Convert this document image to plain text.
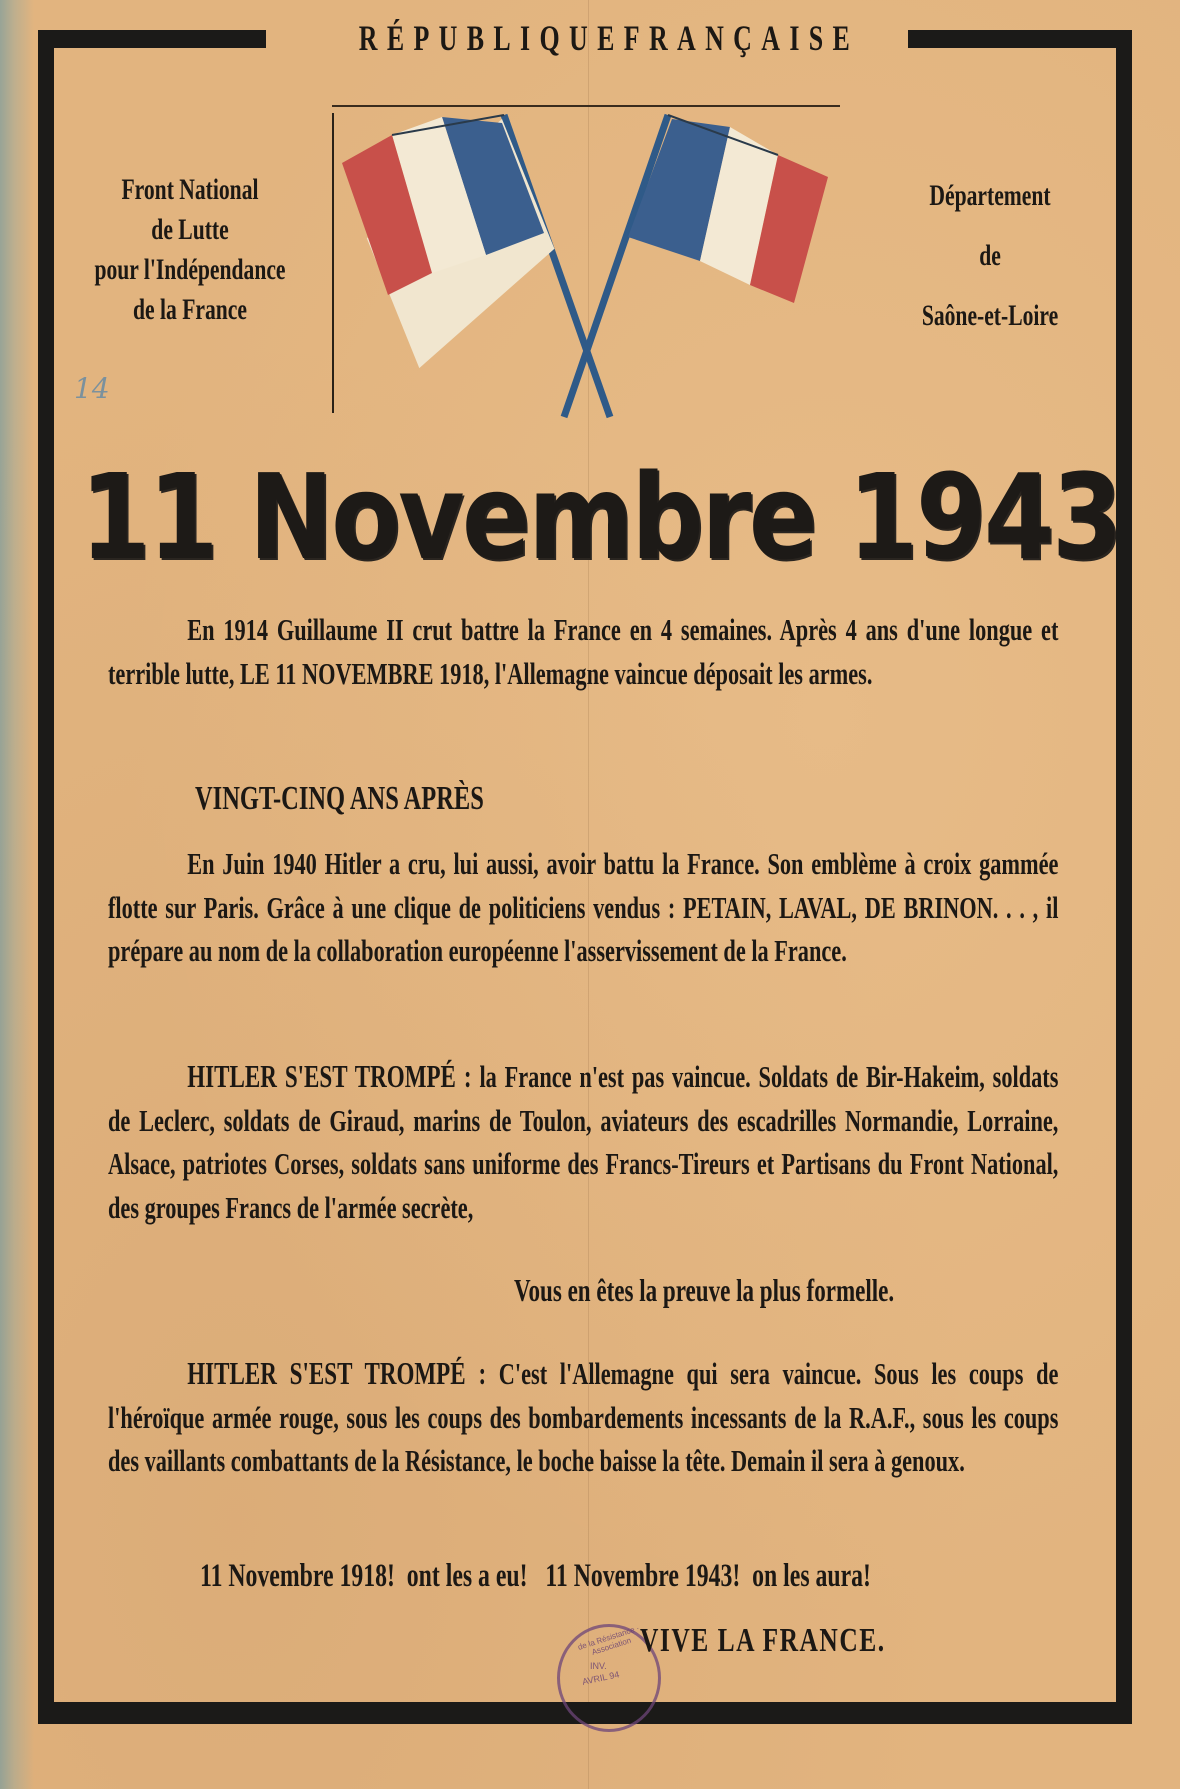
RÉPUBLIQUE FRANÇAISE
Front National
de Lutte
pour l'Indépendance
de la France
Département
de
Saône-et-Loire
14
11 Novembre 1943
En 1914 Guillaume II crut battre la France en 4 semaines. Après 4 ans d'une longue et terrible lutte, LE 11 NOVEMBRE 1918, l'Allemagne vaincue déposait les armes.
VINGT-CINQ ANS APRÈS
En Juin 1940 Hitler a cru, lui aussi, avoir battu la France. Son emblème à croix gammée flotte sur Paris. Grâce à une clique de politiciens vendus : PETAIN, LAVAL, DE BRINON. . . , il prépare au nom de la collaboration européenne l'asservissement de la France.
HITLER S'EST TROMPÉ : la France n'est pas vaincue. Soldats de Bir-Hakeim, soldats de Leclerc, soldats de Giraud, marins de Toulon, aviateurs des escadrilles Normandie, Lorraine, Alsace, patriotes Corses, soldats sans uniforme des Francs-Tireurs et Partisans du Front National, des groupes Francs de l'armée secrète,
Vous en êtes la preuve la plus formelle.
HITLER S'EST TROMPÉ : C'est l'Allemagne qui sera vaincue. Sous les coups de l'héroïque armée rouge, sous les coups des bombardements incessants de la R.A.F., sous les coups des vaillants combattants de la Résistance, le boche baisse la tête. Demain il sera à genoux.
11 Novembre 1918!  ont les a eu!   11 Novembre 1943!  on les aura!
de la Résistance · Association
INV.
AVRIL 94
VIVE LA FRANCE.
